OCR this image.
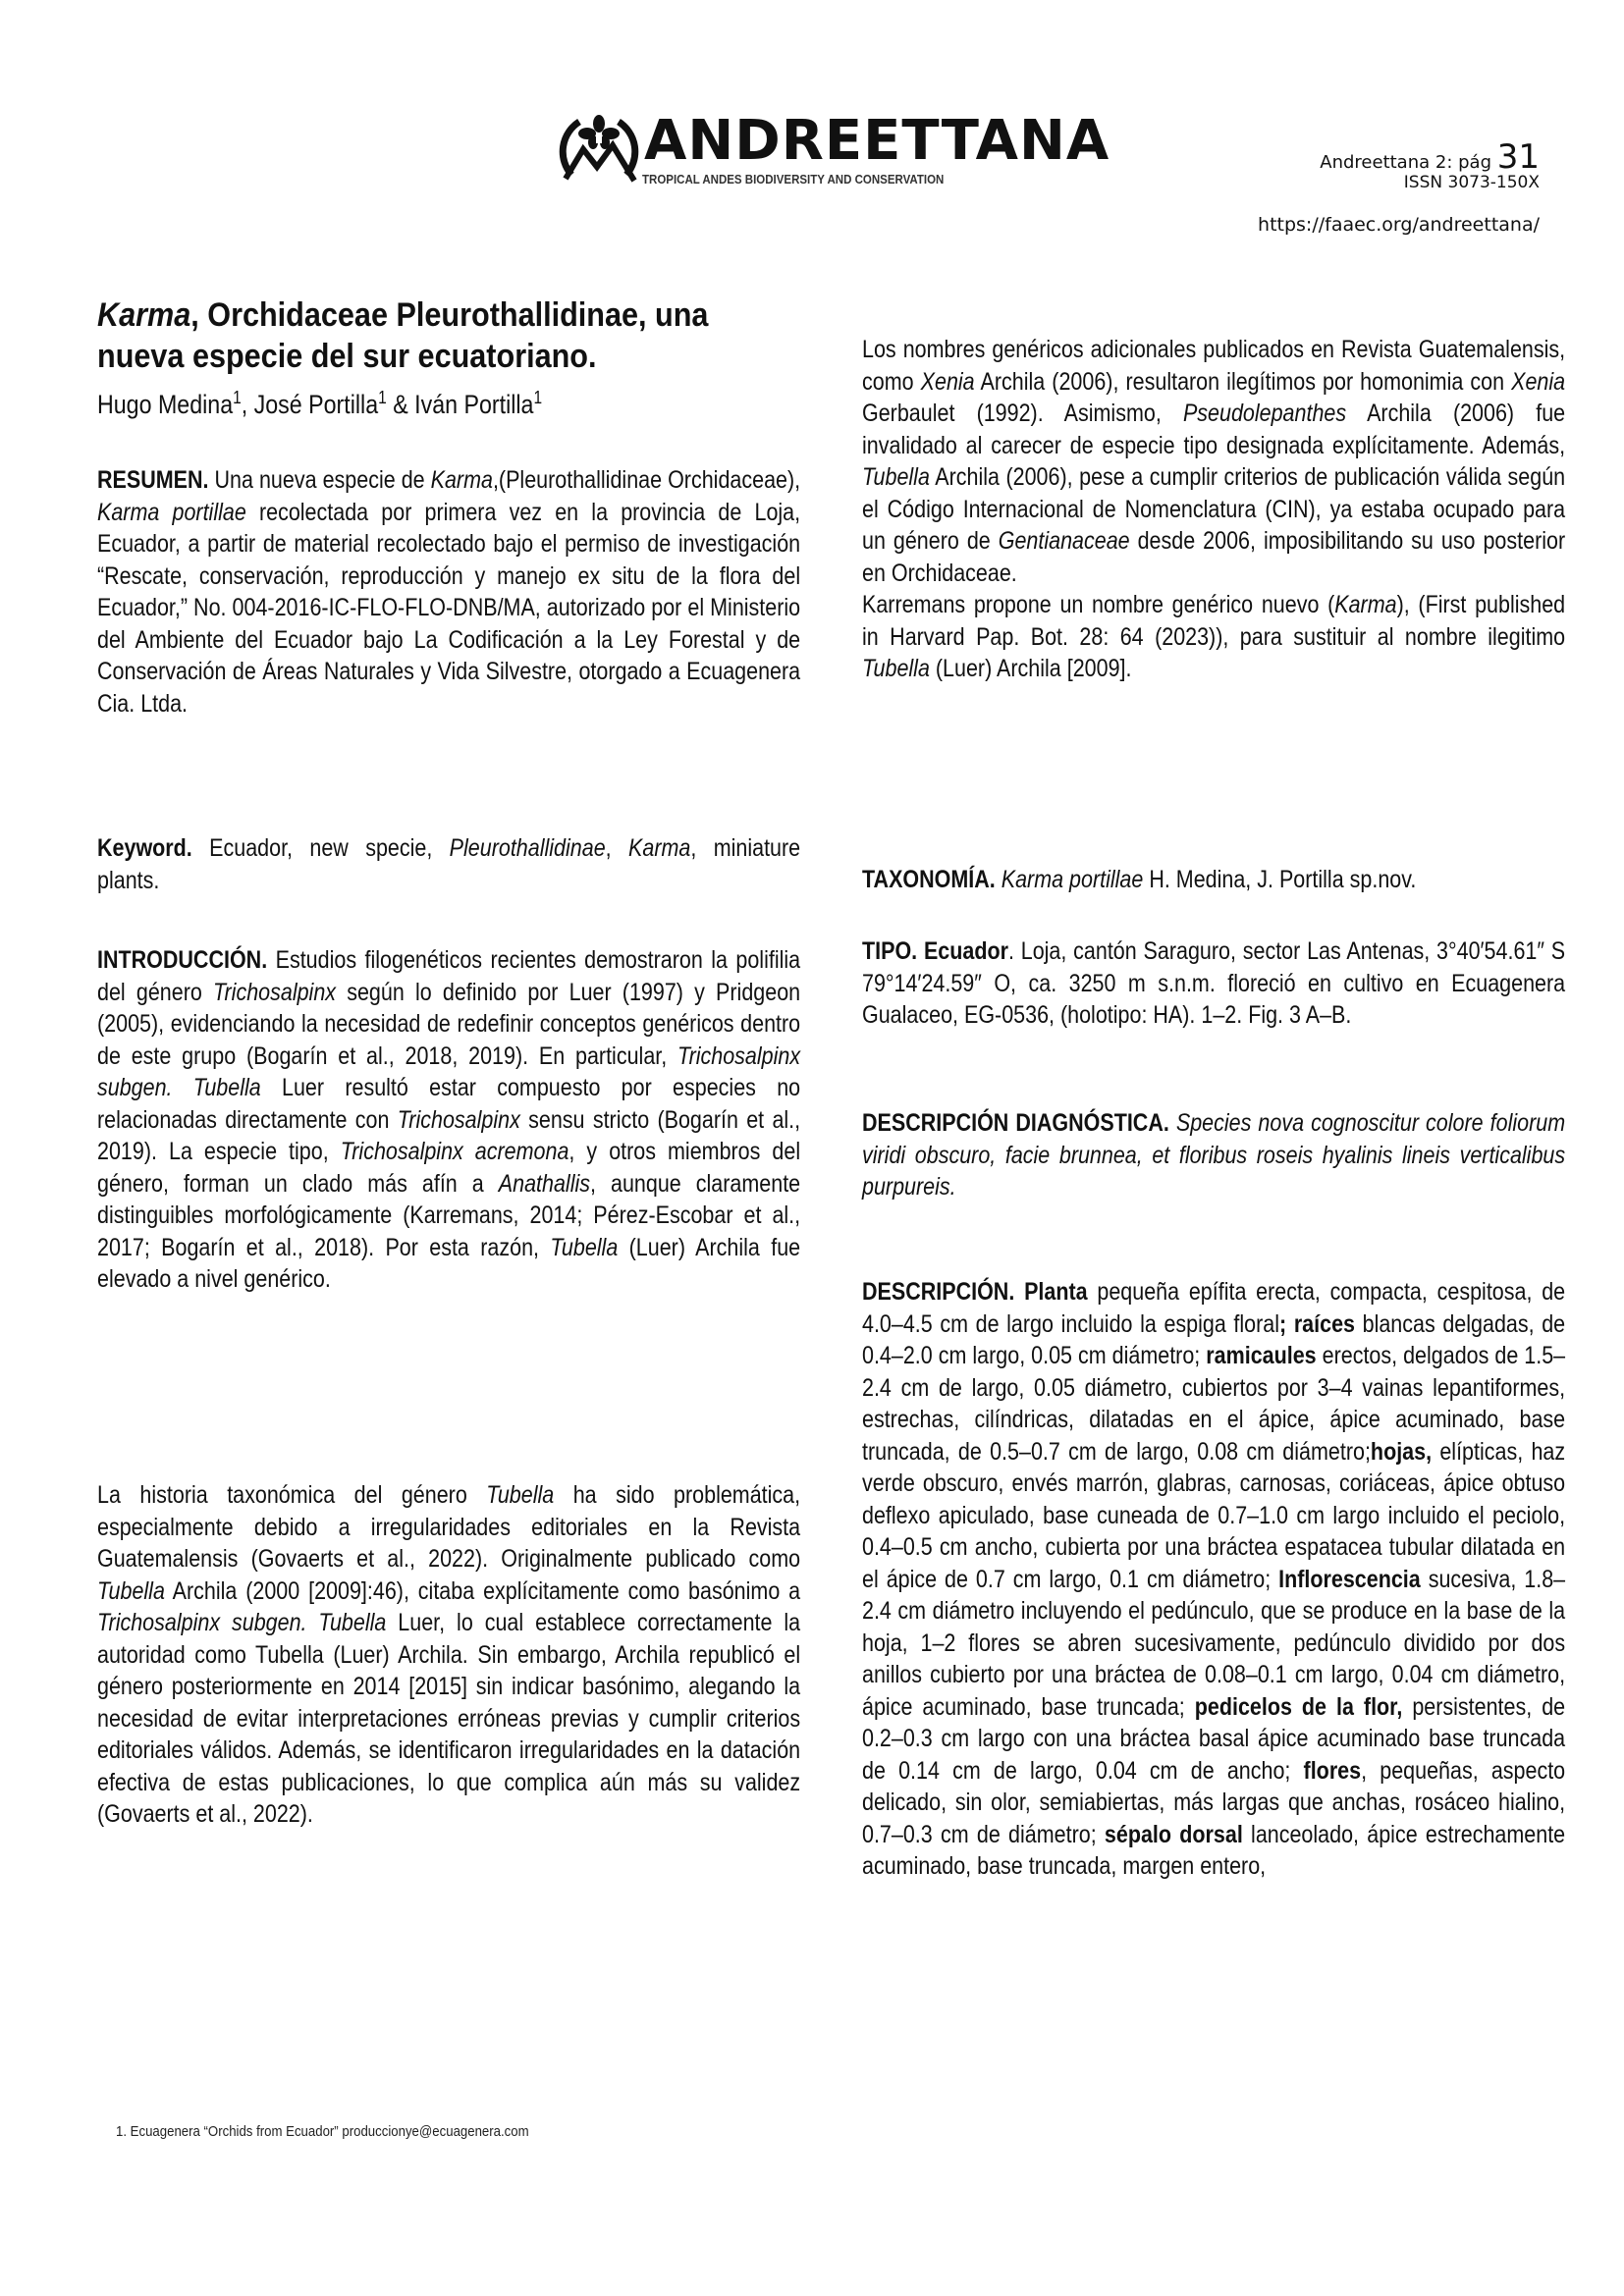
ANDREETTANA
TROPICAL ANDES BIODIVERSITY AND CONSERVATION
Andreettana 2: pág 31
ISSN 3073-150X
https://faaec.org/andreettana/
Karma, Orchidaceae Pleurothallidinae, una nueva especie del sur ecuatoriano.
Hugo Medina$^1$, José Portilla$^1$ & Iván Portilla$^1$

RESUMEN. Una nueva especie de Karma,(Pleurothallidinae Orchidaceae), Karma portillae recolectada por primera vez en la provincia de Loja, Ecuador, a partir de material recolectado bajo el permiso de investigación “Rescate, conservación, reproducción y manejo ex situ de la flora del Ecuador,” No. 004-2016-IC-FLO-FLO-DNB/MA, autorizado por el Ministerio del Ambiente del Ecuador bajo La Codificación a la Ley Forestal y de Conservación de Áreas Naturales y Vida Silvestre, otorgado a Ecuagenera Cia. Ltda.

Keyword. Ecuador, new specie, Pleurothallidinae, Karma, miniature plants.

INTRODUCCIÓN. Estudios filogenéticos recientes demostraron la polifilia del género Trichosalpinx según lo definido por Luer (1997) y Pridgeon (2005), evidenciando la necesidad de redefinir conceptos genéricos dentro de este grupo (Bogarín et al., 2018, 2019). En particular, Trichosalpinx subgen. Tubella Luer resultó estar compuesto por especies no relacionadas directamente con Trichosalpinx sensu stricto (Bogarín et al., 2019). La especie tipo, Trichosalpinx acremona, y otros miembros del género, forman un clado más afín a Anathallis, aunque claramente distinguibles morfológicamente (Karremans, 2014; Pérez-Escobar et al., 2017; Bogarín et al., 2018). Por esta razón, Tubella (Luer) Archila fue elevado a nivel genérico.

La historia taxonómica del género Tubella ha sido problemática, especialmente debido a irregularidades editoriales en la Revista Guatemalensis (Govaerts et al., 2022). Originalmente publicado como Tubella Archila (2000 [2009]:46), citaba explícitamente como basónimo a Trichosalpinx subgen. Tubella Luer, lo cual establece correctamente la autoridad como Tubella (Luer) Archila. Sin embargo, Archila republicó el género posteriormente en 2014 [2015] sin indicar basónimo, alegando la necesidad de evitar interpretaciones erróneas previas y cumplir criterios editoriales válidos. Además, se identificaron irregularidades en la datación efectiva de estas publicaciones, lo que complica aún más su validez (Govaerts et al., 2022).

1. Ecuagenera “Orchids from Ecuador” produccionye@ecuagenera.com

Los nombres genéricos adicionales publicados en Revista Guatemalensis, como Xenia Archila (2006), resultaron ilegítimos por homonimia con Xenia Gerbaulet (1992). Asimismo, Pseudolepanthes Archila (2006) fue invalidado al carecer de especie tipo designada explícitamente. Además, Tubella Archila (2006), pese a cumplir criterios de publicación válida según el Código Internacional de Nomenclatura (CIN), ya estaba ocupado para un género de Gentianaceae desde 2006, imposibilitando su uso posterior en Orchidaceae.

Karremans propone un nombre genérico nuevo (Karma), (First published in Harvard Pap. Bot. 28: 64 (2023)), para sustituir al nombre ilegitimo Tubella (Luer) Archila [2009].

TAXONOMÍA. Karma portillae H. Medina, J. Portilla sp.nov.

TIPO. Ecuador. Loja, cantón Saraguro, sector Las Antenas, 3°40′54.61″ S 79°14′24.59″ O, ca. 3250 m s.n.m. floreció en cultivo en Ecuagenera Gualaceo, EG-0536, (holotipo: HA). 1–2. Fig. 3 A–B.

DESCRIPCIÓN DIAGNÓSTICA. Species nova cognoscitur colore foliorum viridi obscuro, facie brunnea, et floribus roseis hyalinis lineis verticalibus purpureis.

DESCRIPCIÓN. Planta pequeña epífita erecta, compacta, cespitosa, de 4.0–4.5 cm de largo incluido la espiga floral; raíces blancas delgadas, de 0.4–2.0 cm largo, 0.05 cm diámetro; ramicaules erectos, delgados de 1.5–2.4 cm de largo, 0.05 diámetro, cubiertos por 3–4 vainas lepantiformes, estrechas, cilíndricas, dilatadas en el ápice, ápice acuminado, base truncada, de 0.5–0.7 cm de largo, 0.08 cm diámetro;hojas, elípticas, haz verde obscuro, envés marrón, glabras, carnosas, coriáceas, ápice obtuso deflexo apiculado, base cuneada de 0.7–1.0 cm largo incluido el peciolo, 0.4–0.5 cm ancho, cubierta por una bráctea espatacea tubular dilatada en el ápice de 0.7 cm largo, 0.1 cm diámetro; Inflorescencia sucesiva, 1.8–2.4 cm diámetro incluyendo el pedúnculo, que se produce en la base de la hoja, 1–2 flores se abren sucesivamente, pedúnculo dividido por dos anillos cubierto por una bráctea de 0.08–0.1 cm largo, 0.04 cm diámetro, ápice acuminado, base truncada; pedicelos de la flor, persistentes, de 0.2–0.3 cm largo con una bráctea basal ápice acuminado base truncada de 0.14 cm de largo, 0.04 cm de ancho; flores, pequeñas, aspecto delicado, sin olor, semiabiertas, más largas que anchas, rosáceo hialino, 0.7–0.3 cm de diámetro; sépalo dorsal lanceolado, ápice estrechamente acuminado, base truncada, margen entero,
